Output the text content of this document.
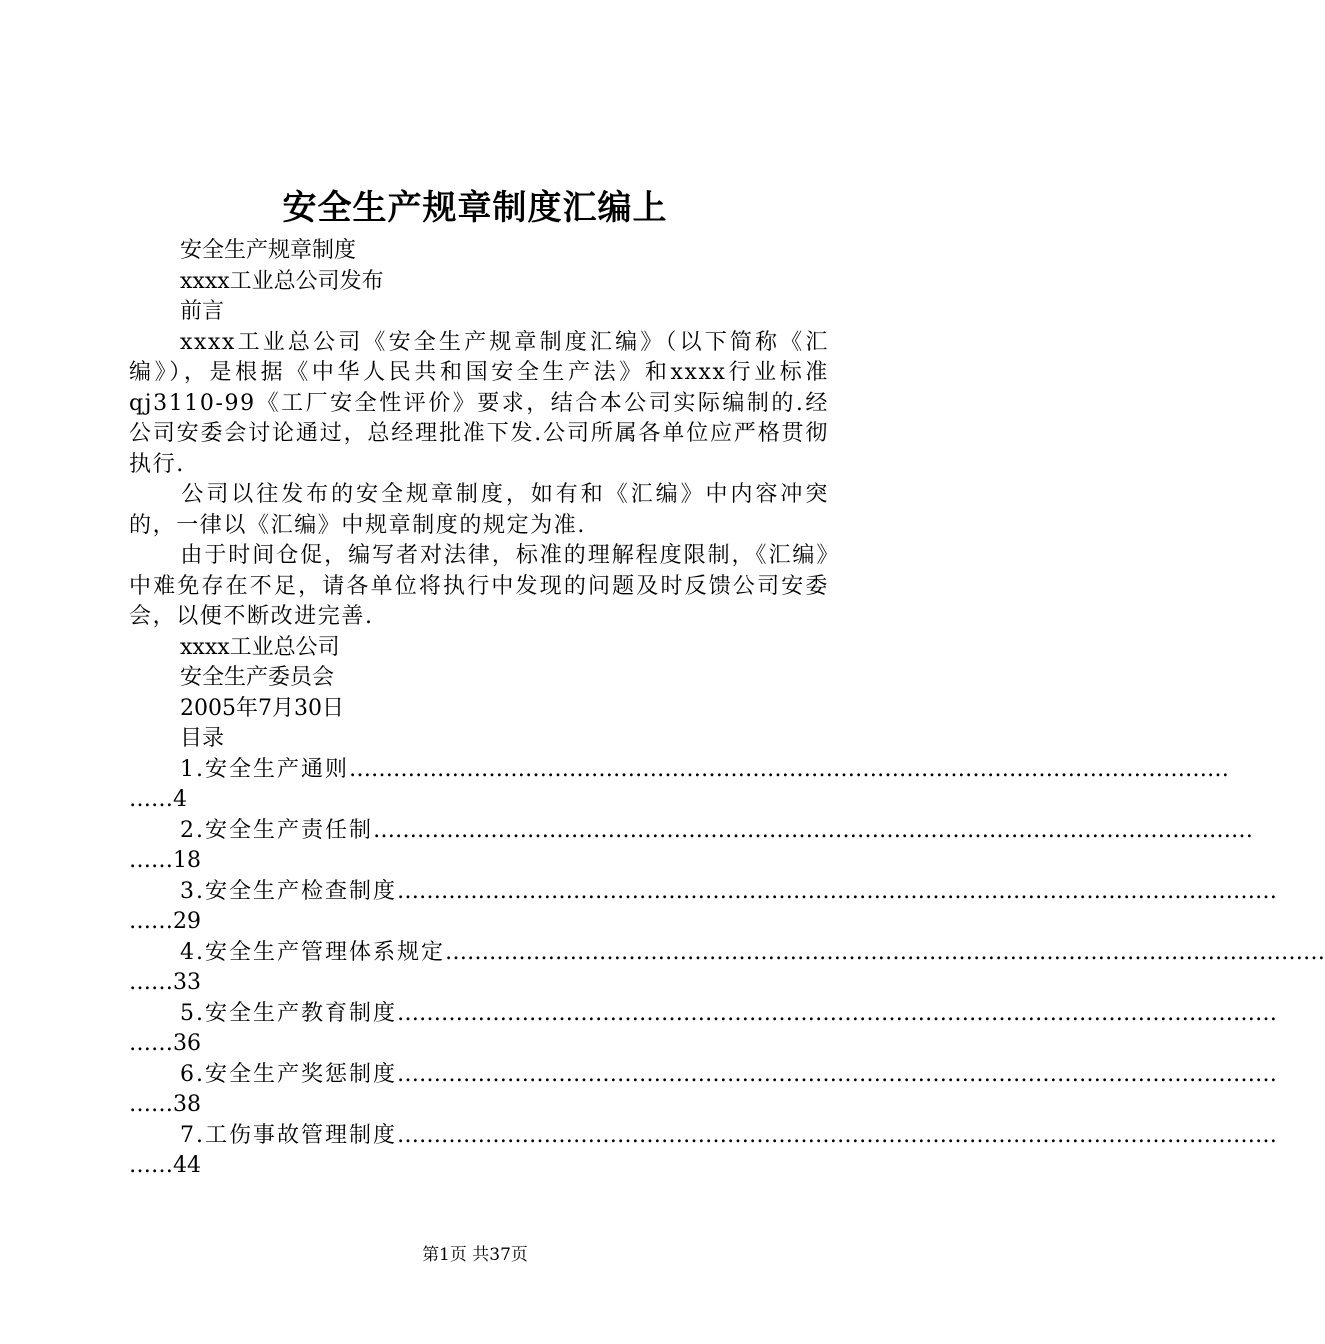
安全生产规章制度汇编上
安全生产规章制度
xxxx工业总公司发布
前言
xxxx工业总公司《安全生产规章制度汇编》（以下简称《汇编》），是根据《中华人民共和国安全生产法》和xxxx行业标准qj3110-99《工厂安全性评价》要求，结合本公司实际编制的.经公司安委会讨论通过，总经理批准下发.公司所属各单位应严格贯彻执行.
公司以往发布的安全规章制度，如有和《汇编》中内容冲突的，一律以《汇编》中规章制度的规定为准.
由于时间仓促，编写者对法律，标准的理解程度限制，《汇编》中难免存在不足，请各单位将执行中发现的问题及时反馈公司安委会，以便不断改进完善.
xxxx工业总公司
安全生产委员会
2005年7月30日
目录
1.安全生产通则…………………………………………………………………………………………………………
……4
2.安全生产责任制…………………………………………………………………………………………………………
……18
3.安全生产检查制度…………………………………………………………………………………………………………
……29
4.安全生产管理体系规定…………………………………………………………………………………………………………
……33
5.安全生产教育制度…………………………………………………………………………………………………………
……36
6.安全生产奖惩制度…………………………………………………………………………………………………………
……38
7.工伤事故管理制度…………………………………………………………………………………………………………
……44
第1页 共37页
